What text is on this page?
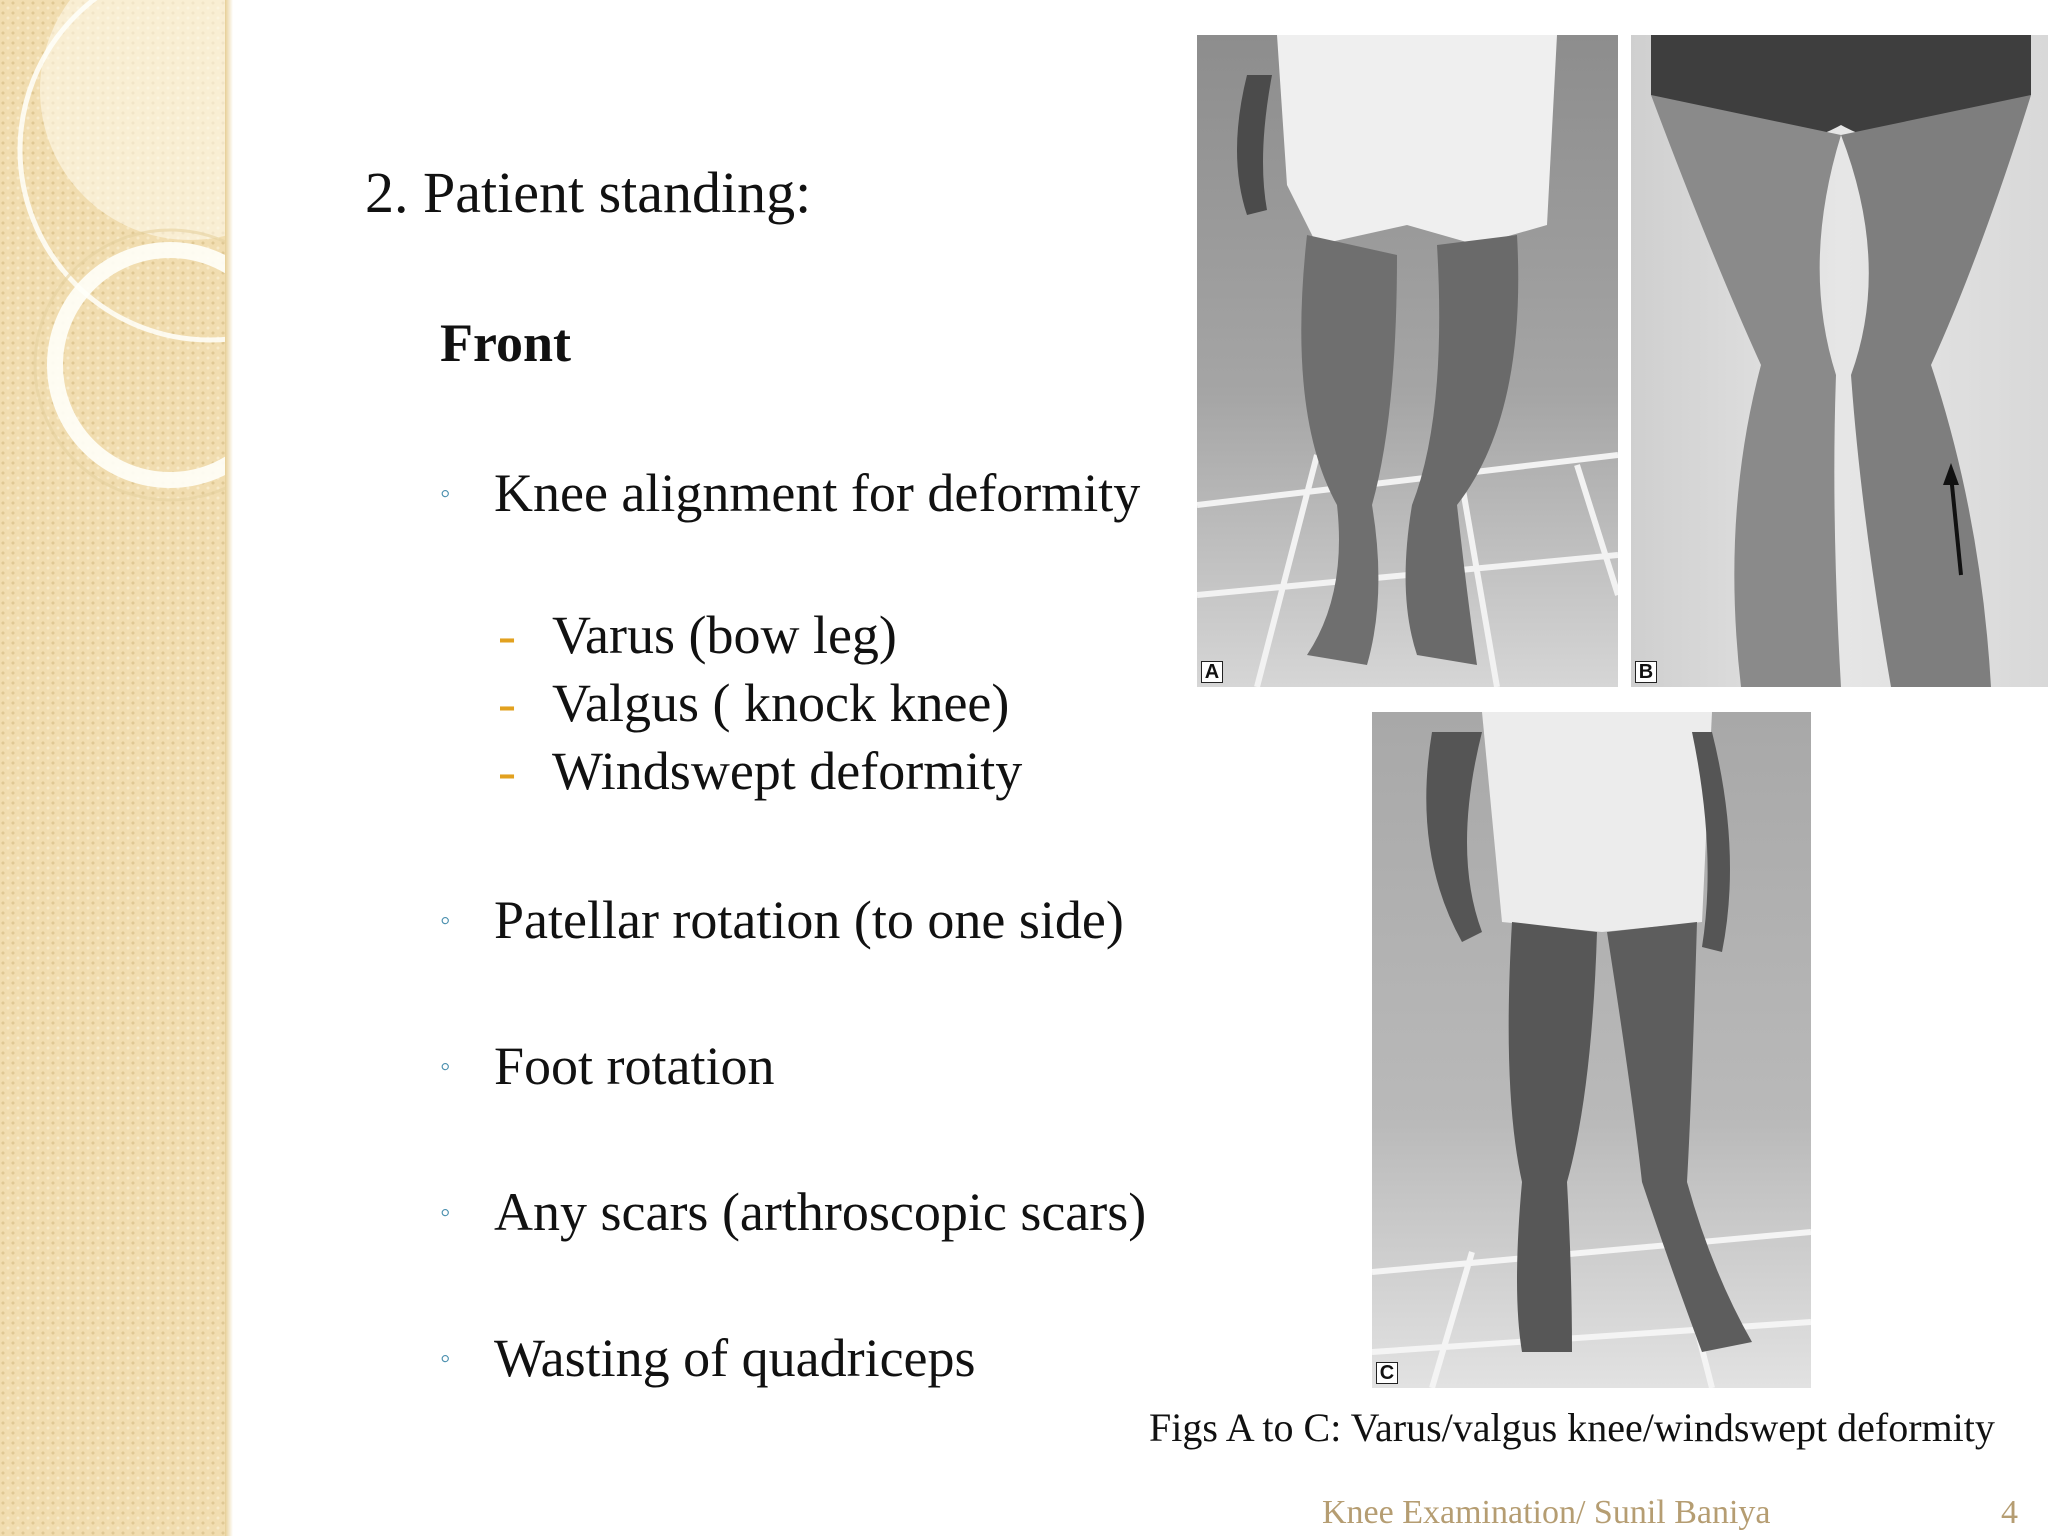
2. Patient standing:
Front
◦ Knee alignment for deformity
- Varus (bow leg)
- Valgus ( knock knee)
- Windswept deformity
◦ Patellar rotation (to one side)
◦ Foot rotation
◦ Any scars (arthroscopic scars)
◦ Wasting of quadriceps
A	B
C
Figs A to C: Varus/valgus knee/windswept deformity
Knee Examination/ Sunil Baniya	4
